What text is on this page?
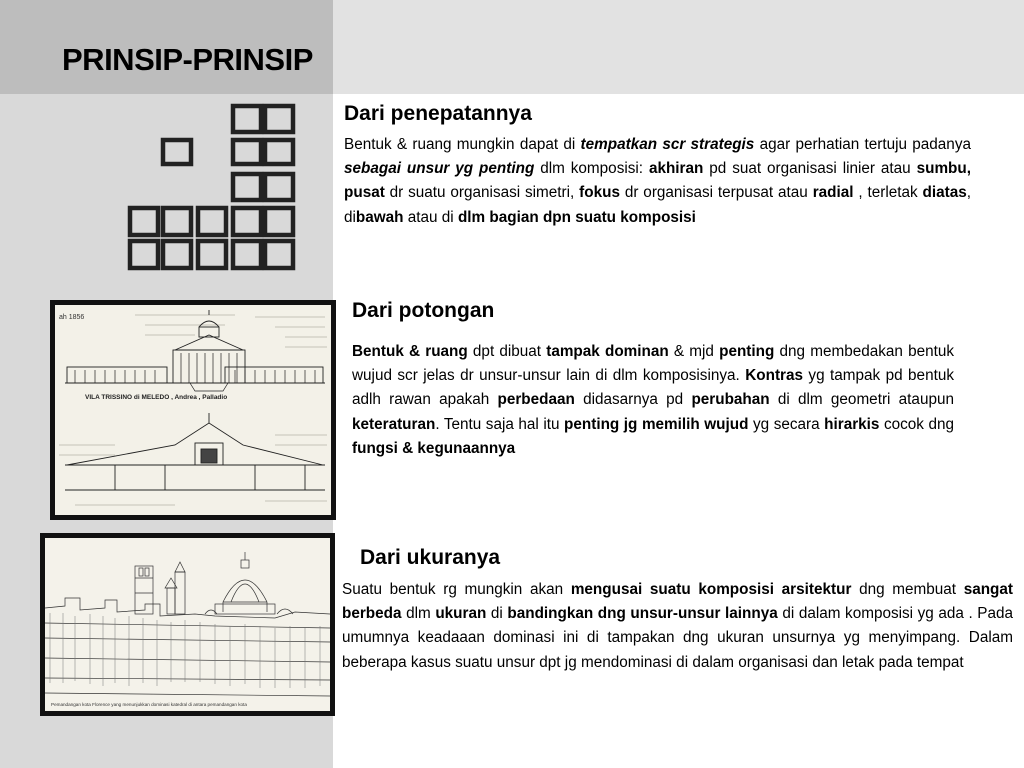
PRINSIP-PRINSIP
Dari penepatannya
Bentuk & ruang mungkin dapat di tempatkan scr strategis agar perhatian tertuju padanya sebagai unsur yg penting dlm komposisi: akhiran pd suat organisasi linier atau sumbu, pusat dr suatu organisasi simetri, fokus dr organisasi terpusat atau radial , terletak diatas, dibawah atau di dlm bagian dpn suatu komposisi
ah 1856
VILA TRISSINO di MELEDO , Andrea , Palladio
Dari potongan
Bentuk & ruang dpt dibuat tampak dominan & mjd penting dng membedakan bentuk wujud scr jelas dr unsur-unsur lain di dlm komposisinya. Kontras yg tampak pd bentuk adlh rawan apakah perbedaan didasarnya pd perubahan di dlm geometri ataupun keteraturan. Tentu saja hal itu penting jg memilih wujud yg secara hirarkis cocok dng fungsi & kegunaannya
Pemandangan kota Florence yang menunjukkan dominasi katedral di antara pemandangan kota
Dari ukuranya
Suatu bentuk rg mungkin akan mengusai suatu komposisi arsitektur dng membuat sangat berbeda dlm ukuran di bandingkan dng unsur-unsur lainnya di dalam komposisi yg ada . Pada umumnya keadaaan dominasi ini di tampakan dng ukuran unsurnya yg menyimpang. Dalam beberapa kasus suatu unsur dpt jg mendominasi di dalam organisasi dan letak pada tempat
